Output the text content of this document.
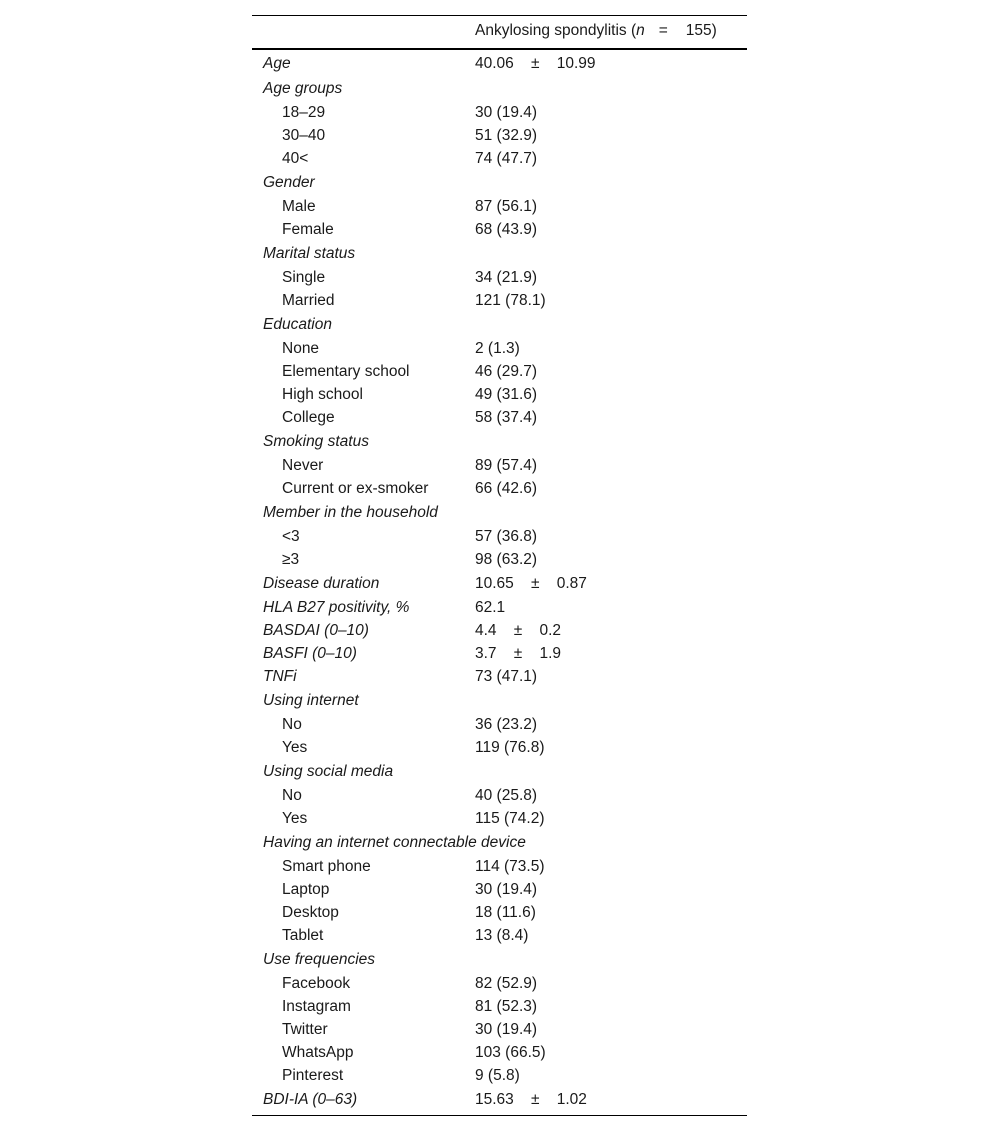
Ankylosing spondylitis (n = 155)
Age	40.06    ±    10.99
Age groups
18–29	30 (19.4)
30–40	51 (32.9)
40<	74 (47.7)
Gender
Male	87 (56.1)
Female	68 (43.9)
Marital status
Single	34 (21.9)
Married	121 (78.1)
Education
None	2 (1.3)
Elementary school	46 (29.7)
High school	49 (31.6)
College	58 (37.4)
Smoking status
Never	89 (57.4)
Current or ex-smoker	66 (42.6)
Member in the household
<3	57 (36.8)
≥3	98 (63.2)
Disease duration	10.65    ±    0.87
HLA B27 positivity, %	62.1
BASDAI (0–10)	4.4    ±    0.2
BASFI (0–10)	3.7    ±    1.9
TNFi	73 (47.1)
Using internet
No	36 (23.2)
Yes	119 (76.8)
Using social media
No	40 (25.8)
Yes	115 (74.2)
Having an internet connectable device
Smart phone	114 (73.5)
Laptop	30 (19.4)
Desktop	18 (11.6)
Tablet	13 (8.4)
Use frequencies
Facebook	82 (52.9)
Instagram	81 (52.3)
Twitter	30 (19.4)
WhatsApp	103 (66.5)
Pinterest	9 (5.8)
BDI-IA (0–63)	15.63    ±    1.02
